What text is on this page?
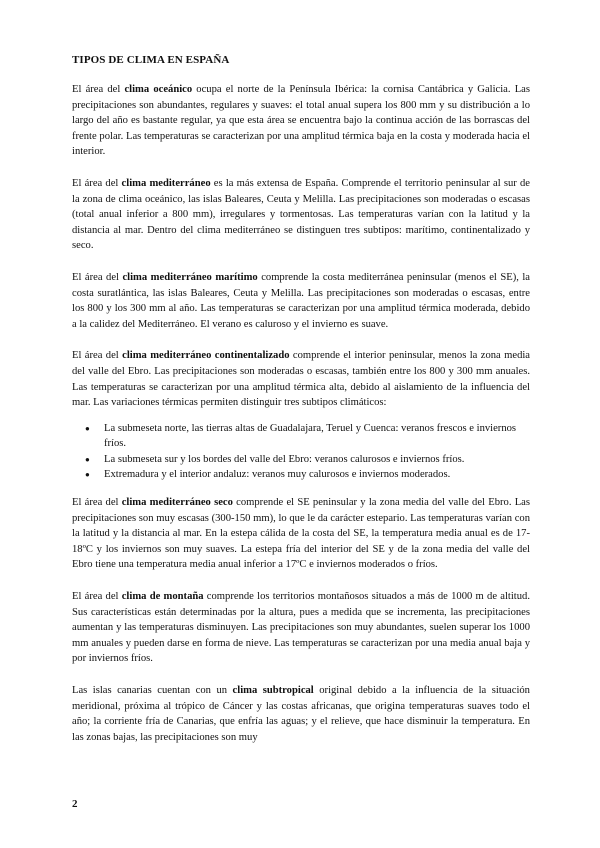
TIPOS DE CLIMA EN ESPAÑA

El área del clima oceánico ocupa el norte de la Península Ibérica: la cornisa Cantábrica y Galicia. Las precipitaciones son abundantes, regulares y suaves: el total anual supera los 800 mm y su distribución a lo largo del año es bastante regular, ya que esta área se encuentra bajo la continua acción de las borrascas del frente polar. Las temperaturas se caracterizan por una amplitud térmica baja en la costa y moderada hacia el interior.

El área del clima mediterráneo es la más extensa de España. Comprende el territorio peninsular al sur de la zona de clima oceánico, las islas Baleares, Ceuta y Melilla. Las precipitaciones son moderadas o escasas (total anual inferior a 800 mm), irregulares y tormentosas. Las temperaturas varían con la latitud y la distancia al mar. Dentro del clima mediterráneo se distinguen tres subtipos: marítimo, continentalizado y seco.

El área del clima mediterráneo marítimo comprende la costa mediterránea peninsular (menos el SE), la costa suratlántica, las islas Baleares, Ceuta y Melilla. Las precipitaciones son moderadas o escasas, entre los 800 y los 300 mm al año. Las temperaturas se caracterizan por una amplitud térmica moderada, debido a la calidez del Mediterráneo. El verano es caluroso y el invierno es suave.

El área del clima mediterráneo continentalizado comprende el interior peninsular, menos la zona media del valle del Ebro. Las precipitaciones son moderadas o escasas, también entre los 800 y 300 mm anuales. Las temperaturas se caracterizan por una amplitud térmica alta, debido al aislamiento de la influencia del mar. Las variaciones térmicas permiten distinguir tres subtipos climáticos:

● La submeseta norte, las tierras altas de Guadalajara, Teruel y Cuenca: veranos frescos e inviernos fríos.
● La submeseta sur y los bordes del valle del Ebro: veranos calurosos e inviernos fríos.
● Extremadura y el interior andaluz: veranos muy calurosos e inviernos moderados.

El área del clima mediterráneo seco comprende el SE peninsular y la zona media del valle del Ebro. Las precipitaciones son muy escasas (300-150 mm), lo que le da carácter estepario. Las temperaturas varían con la latitud y la distancia al mar. En la estepa cálida de la costa del SE, la temperatura media anual es de 17-18ºC y los inviernos son muy suaves. La estepa fría del interior del SE y de la zona media del valle del Ebro tiene una temperatura media anual inferior a 17ºC e inviernos moderados o fríos.

El área del clima de montaña comprende los territorios montañosos situados a más de 1000 m de altitud. Sus características están determinadas por la altura, pues a medida que se incrementa, las precipitaciones aumentan y las temperaturas disminuyen. Las precipitaciones son muy abundantes, suelen superar los 1000 mm anuales y pueden darse en forma de nieve. Las temperaturas se caracterizan por una media anual baja y por inviernos fríos.

Las islas canarias cuentan con un clima subtropical original debido a la influencia de la situación meridional, próxima al trópico de Cáncer y las costas africanas, que origina temperaturas suaves todo el año; la corriente fría de Canarias, que enfría las aguas; y el relieve, que hace disminuir la temperatura. En las zonas bajas, las precipitaciones son muy

2
